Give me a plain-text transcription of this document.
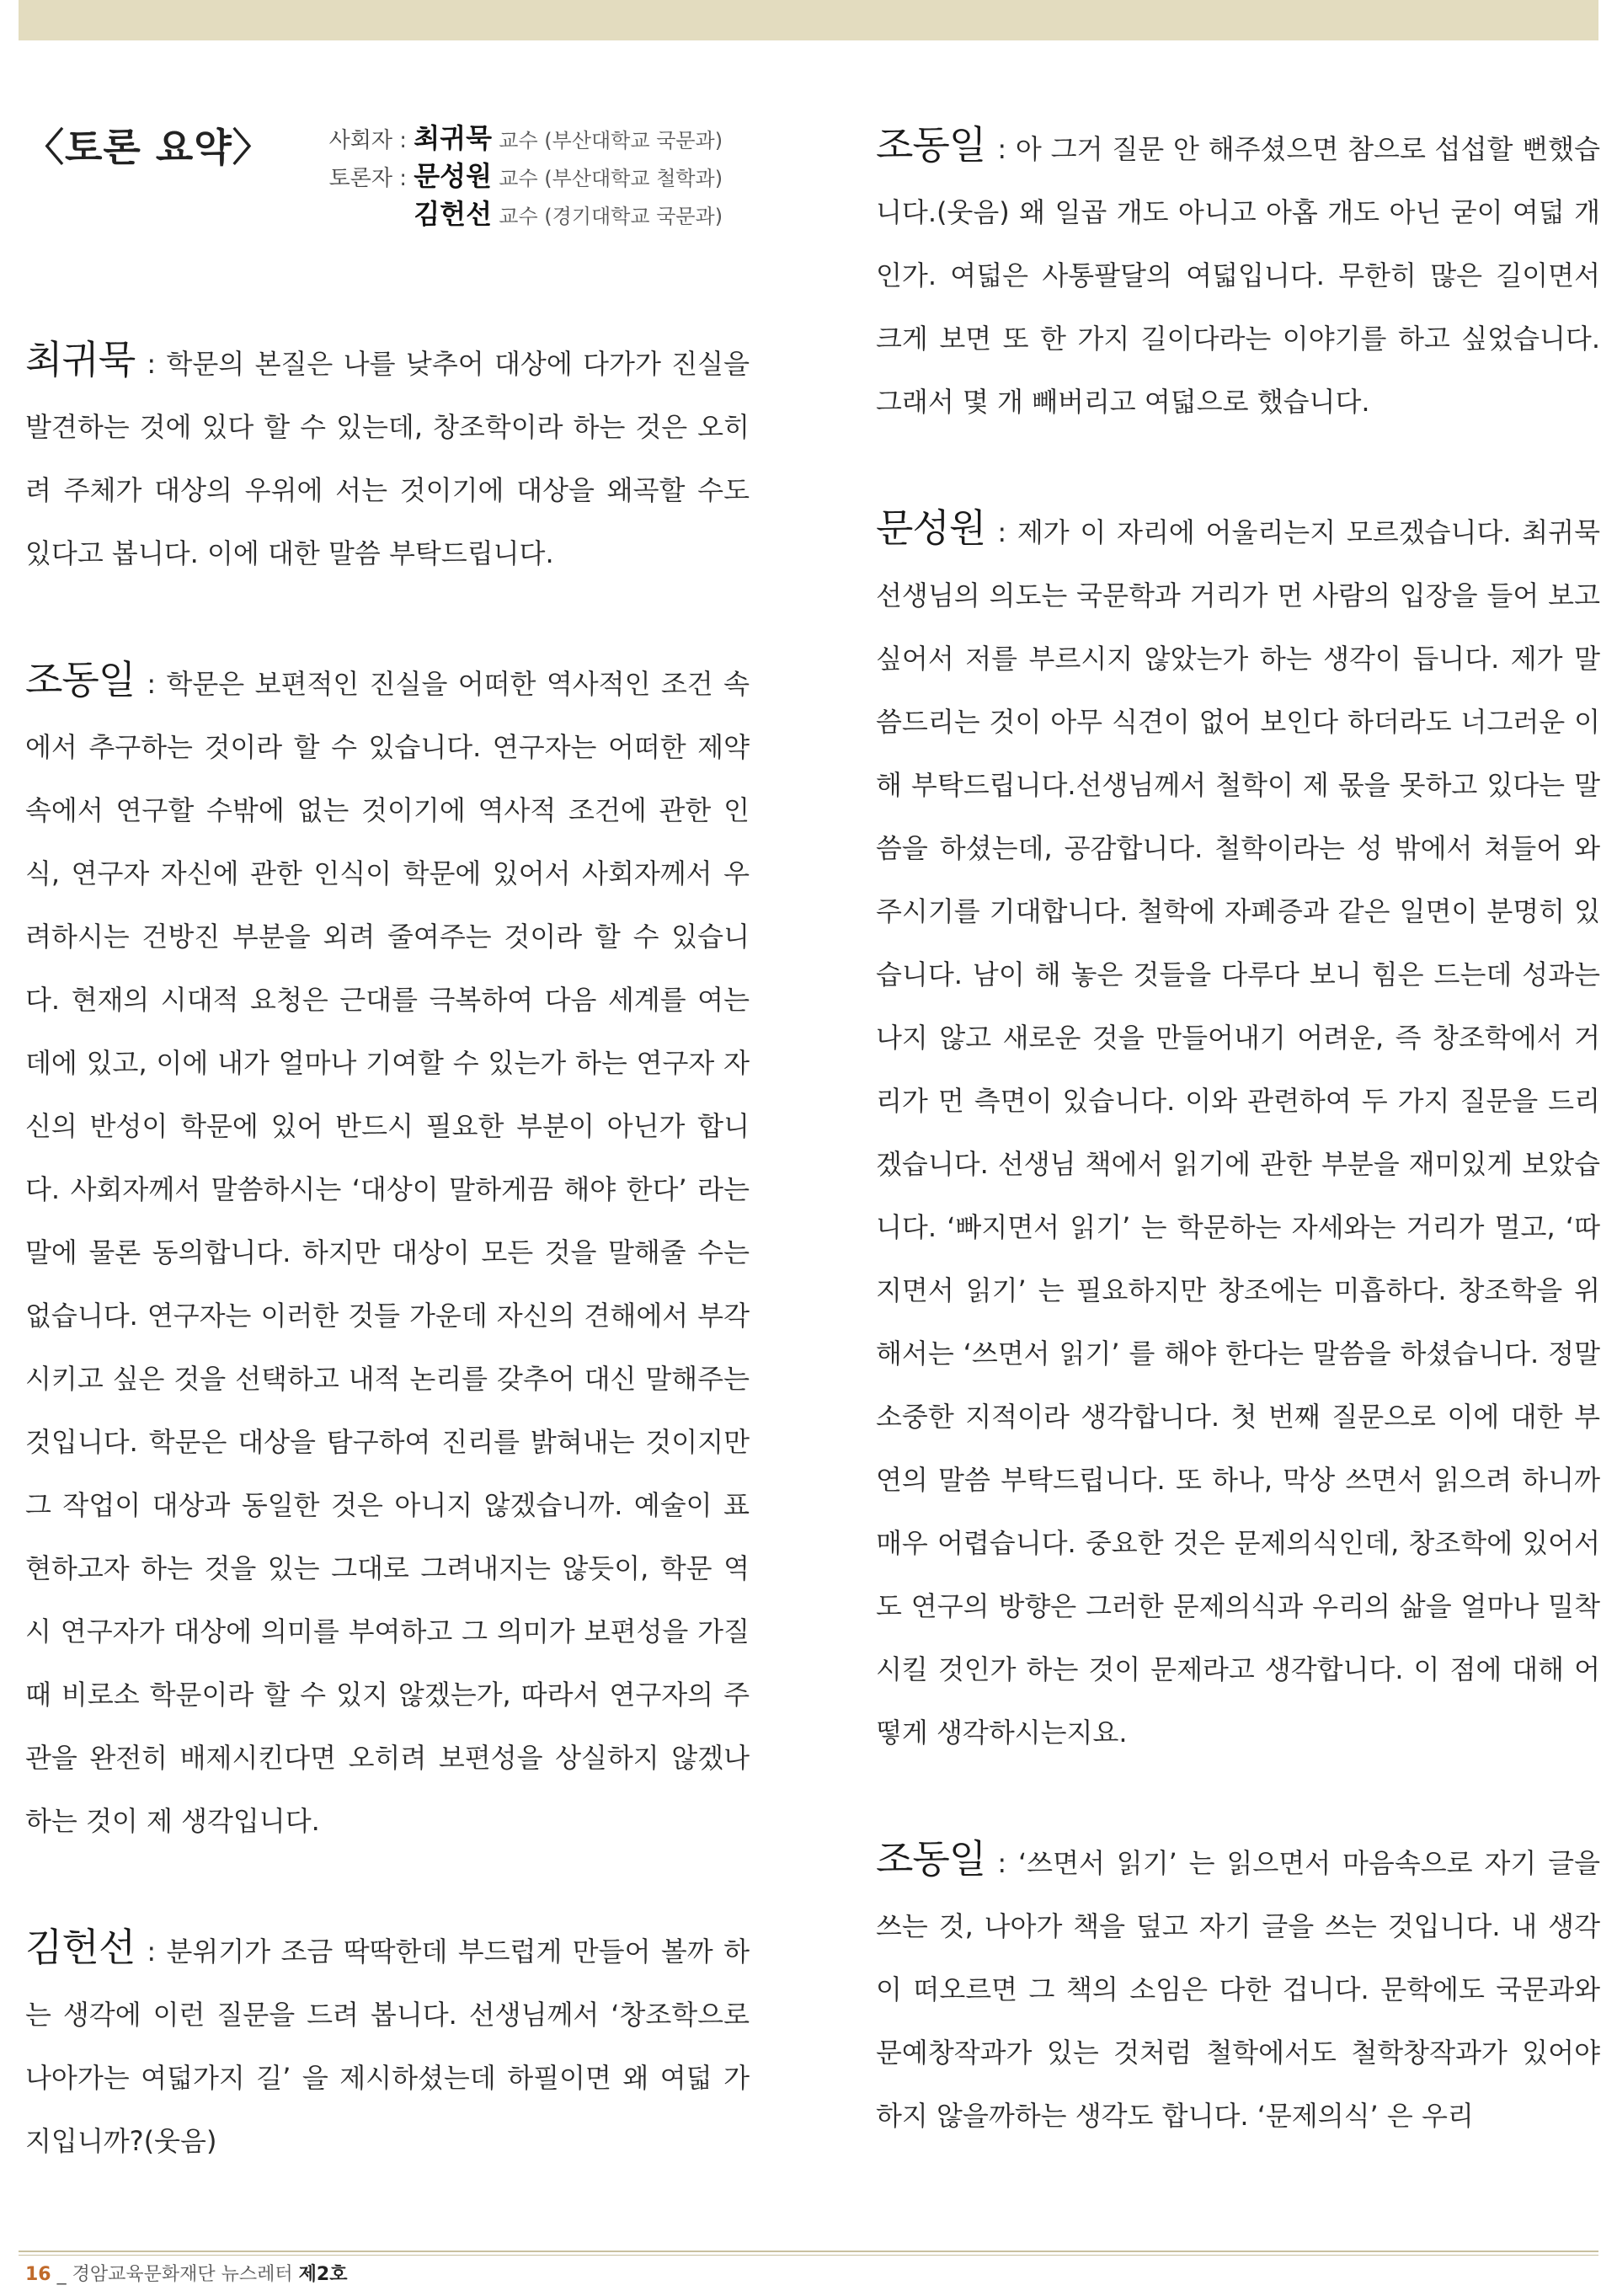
〈토론 요약〉	사회자 : 최귀묵 교수 (부산대학교 국문과)
토론자 : 문성원 교수 (부산대학교 철학과)
김헌선 교수 (경기대학교 국문과)

최귀묵 : 학문의 본질은 나를 낮추어 대상에 다가가 진실을 발견하는 것에 있다 할 수 있는데, 창조학이라 하는 것은 오히려 주체가 대상의 우위에 서는 것이기에 대상을 왜곡할 수도 있다고 봅니다. 이에 대한 말씀 부탁드립니다.

조동일 : 학문은 보편적인 진실을 어떠한 역사적인 조건 속에서 추구하는 것이라 할 수 있습니다. 연구자는 어떠한 제약 속에서 연구할 수밖에 없는 것이기에 역사적 조건에 관한 인식, 연구자 자신에 관한 인식이 학문에 있어서 사회자께서 우려하시는 건방진 부분을 외려 줄여주는 것이라 할 수 있습니다. 현재의 시대적 요청은 근대를 극복하여 다음 세계를 여는 데에 있고, 이에 내가 얼마나 기여할 수 있는가 하는 연구자 자신의 반성이 학문에 있어 반드시 필요한 부분이 아닌가 합니다. 사회자께서 말씀하시는 ‘대상이 말하게끔 해야 한다’ 라는 말에 물론 동의합니다. 하지만 대상이 모든 것을 말해줄 수는 없습니다. 연구자는 이러한 것들 가운데 자신의 견해에서 부각시키고 싶은 것을 선택하고 내적 논리를 갖추어 대신 말해주는 것입니다. 학문은 대상을 탐구하여 진리를 밝혀내는 것이지만 그 작업이 대상과 동일한 것은 아니지 않겠습니까. 예술이 표현하고자 하는 것을 있는 그대로 그려내지는 않듯이, 학문 역시 연구자가 대상에 의미를 부여하고 그 의미가 보편성을 가질 때 비로소 학문이라 할 수 있지 않겠는가, 따라서 연구자의 주관을 완전히 배제시킨다면 오히려 보편성을 상실하지 않겠나 하는 것이 제 생각입니다.

김헌선 : 분위기가 조금 딱딱한데 부드럽게 만들어 볼까 하는 생각에 이런 질문을 드려 봅니다. 선생님께서 ‘창조학으로 나아가는 여덟가지 길’ 을 제시하셨는데 하필이면 왜 여덟 가지입니까?(웃음)

조동일 : 아 그거 질문 안 해주셨으면 참으로 섭섭할 뻔했습니다.(웃음) 왜 일곱 개도 아니고 아홉 개도 아닌 굳이 여덟 개인가. 여덟은 사통팔달의 여덟입니다. 무한히 많은 길이면서 크게 보면 또 한 가지 길이다라는 이야기를 하고 싶었습니다. 그래서 몇 개 빼버리고 여덟으로 했습니다.

문성원 : 제가 이 자리에 어울리는지 모르겠습니다. 최귀묵 선생님의 의도는 국문학과 거리가 먼 사람의 입장을 들어 보고 싶어서 저를 부르시지 않았는가 하는 생각이 듭니다. 제가 말씀드리는 것이 아무 식견이 없어 보인다 하더라도 너그러운 이해 부탁드립니다.선생님께서 철학이 제 몫을 못하고 있다는 말씀을 하셨는데, 공감합니다. 철학이라는 성 밖에서 쳐들어 와 주시기를 기대합니다. 철학에 자폐증과 같은 일면이 분명히 있습니다. 남이 해 놓은 것들을 다루다 보니 힘은 드는데 성과는 나지 않고 새로운 것을 만들어내기 어려운, 즉 창조학에서 거리가 먼 측면이 있습니다. 이와 관련하여 두 가지 질문을 드리겠습니다. 선생님 책에서 읽기에 관한 부분을 재미있게 보았습니다. ‘빠지면서 읽기’ 는 학문하는 자세와는 거리가 멀고, ‘따지면서 읽기’ 는 필요하지만 창조에는 미흡하다. 창조학을 위해서는 ‘쓰면서 읽기’ 를 해야 한다는 말씀을 하셨습니다. 정말 소중한 지적이라 생각합니다. 첫 번째 질문으로 이에 대한 부연의 말씀 부탁드립니다. 또 하나, 막상 쓰면서 읽으려 하니까 매우 어렵습니다. 중요한 것은 문제의식인데, 창조학에 있어서도 연구의 방향은 그러한 문제의식과 우리의 삶을 얼마나 밀착시킬 것인가 하는 것이 문제라고 생각합니다. 이 점에 대해 어떻게 생각하시는지요.

조동일 : ‘쓰면서 읽기’ 는 읽으면서 마음속으로 자기 글을 쓰는 것, 나아가 책을 덮고 자기 글을 쓰는 것입니다. 내 생각이 떠오르면 그 책의 소임은 다한 겁니다. 문학에도 국문과와 문예창작과가 있는 것처럼 철학에서도 철학창작과가 있어야 하지 않을까하는 생각도 합니다. ‘문제의식’ 은 우리

16 _ 경암교육문화재단 뉴스레터 제2호
